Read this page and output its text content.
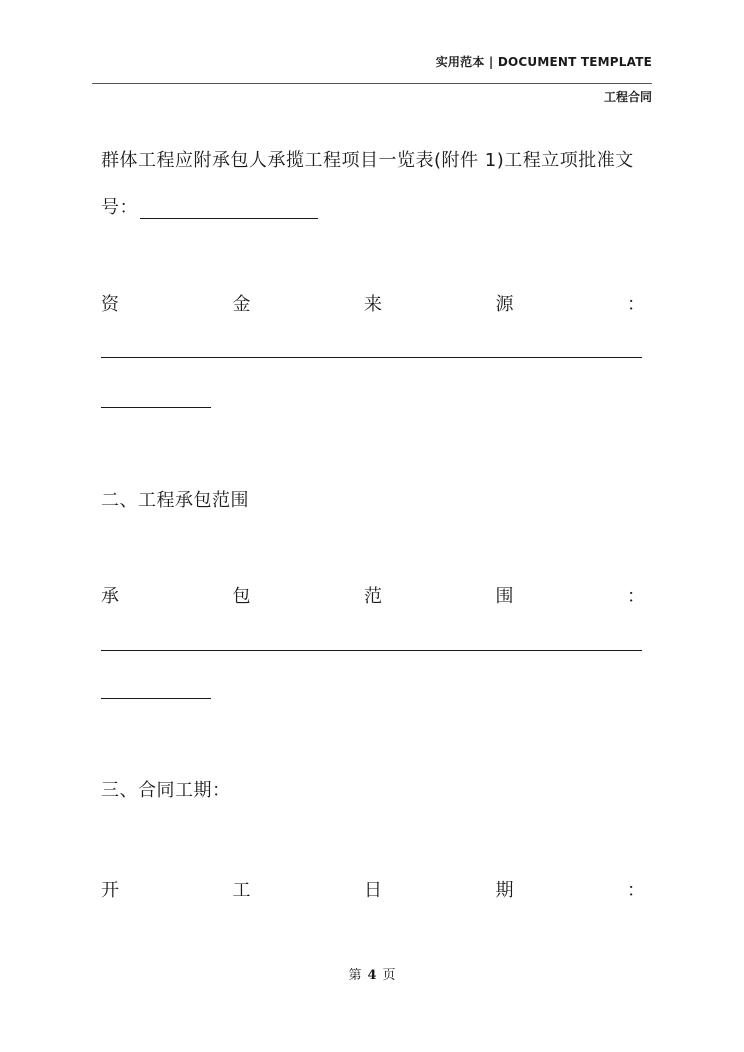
实用范本 | DOCUMENT TEMPLATE
工程合同
群体工程应附承包人承揽工程项目一览表(附件 1)工程立项批准文
号：
资	金	来	源	：
二、工程承包范围
承	包	范	围	：
三、合同工期：
开	工	日	期	：
第 4 页
